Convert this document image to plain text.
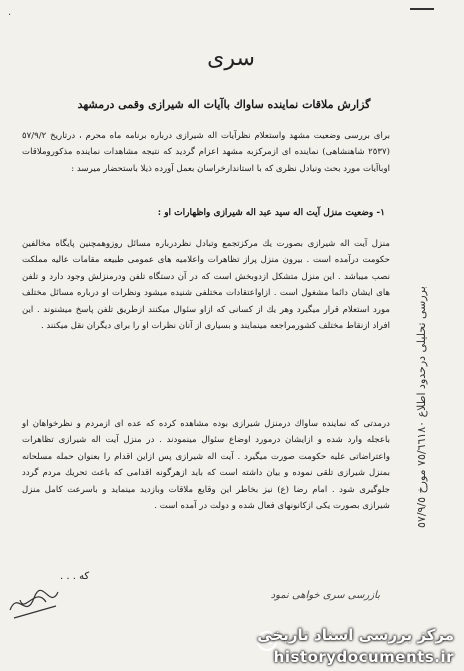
·
سرى
گزارش ملاقات نماينده ساواك باآيات اله شيرازى وقمى درمشهد
براى بررسى وضعيت مشهد واستعلام نظرآيات اله شيرازى درباره برنامه ماه محرم ، درتاريخ ٥٧/٩/٢ (٢٥٣٧ شاهنشاهى) نماينده اى ازمركزبه مشهد اعزام گرديد كه نتيجه مشاهدات نماينده مذكوروملاقات اوباآيات مورد بحث ونيادل نظرى كه با استاندارخراسان بعمل آورده ذيلا باستحضار ميرسد :
١- وضعيت منزل آيت اله سيد عبد اله شيرازى واظهارات او :
منزل آيت اله شيرازى بصورت يك مركزتجمع وتبادل نظردرباره مسائل روزوهمچنين پايگاه مخالفين حكومت درآمده است . بيرون منزل پراز تظاهرات واعلاميه هاى عمومى طبيعه مقامات عاليه مملكت نصب ميباشد . اين منزل متشكل ازدوبخش است كه در آن دستگاه تلفن ودرمنزلش وجود دارد و تلفن هاى ايشان دائما مشغول است . ازاواعتقادات مختلفى شنيده ميشود ونظرات او درباره مسائل مختلف مورد استعلام قرار ميگيرد وهر يك از كسانى كه ازاو سئوال ميكنند ازطريق تلفن پاسخ ميشنوند . اين افراد ازنقاط مختلف كشورمراجعه مينمايند و بسيارى از آنان نظرات او را براى ديگران نقل ميكنند .
درمدتى كه نماينده ساواك درمنزل شيرازى بوده مشاهده كرده كه عده اى ازمردم و نظرخواهان او باعجله وارد شده و ازايشان درمورد اوضاع سئوال مينمودند . در منزل آيت اله شيرازى تظاهرات واعتراضاتى عليه حكومت صورت ميگيرد . آيت اله شيرازى پس ازاين اقدام را بعنوان حمله مسلحانه بمنزل شيرازى تلقى نموده و بيان داشته است كه بايد ازهرگونه اقدامى كه باعث تحريك مردم گردد جلوگيرى شود . امام رضا (ع) نيز بخاطر اين وقايع ملاقات وبازديد مينمايد و باسرعت كامل منزل شيرازى بصورت يكى ازكانونهاى فعال شده و دولت در آمده است .
كه . . .
بازرسى سرى خواهى نمود
بررسى تحليلى درحدود اطلاع ٧٥/٦٦١٨٠ مورخ ٥٧/٩/٥
مركز بررسى اسناد تاريخى
historydocuments.ir
